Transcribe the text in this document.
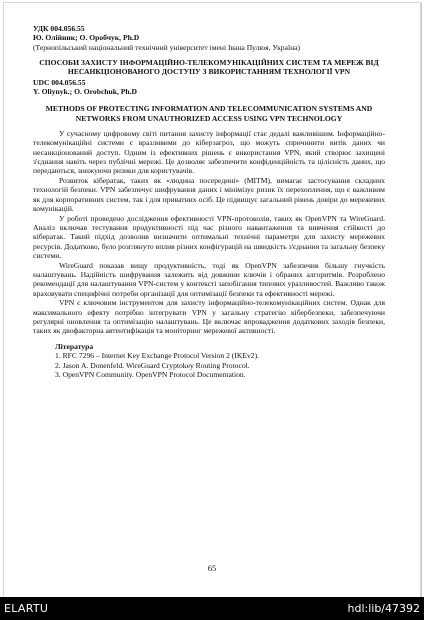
УДК 004.056.55
Ю. Олійник; О. Оробчук, Ph.D
(Тернопільський національний технічний університет імені Івана Пулюя, Україна)
СПОСОБИ ЗАХИСТУ ІНФОРМАЦІЙНО-ТЕЛЕКОМУНІКАЦІЙНИХ СИСТЕМ ТА МЕРЕЖ ВІД НЕСАНКЦІОНОВАНОГО ДОСТУПУ З ВИКОРИСТАННЯМ ТЕХНОЛОГІЇ VPN
UDC 004.056.55
Y. Oliynyk.; O. Orobchuk, Ph.D
METHODS OF PROTECTING INFORMATION AND TELECOMMUNICATION SYSTEMS AND NETWORKS FROM UNAUTHORIZED ACCESS USING VPN TECHNOLOGY

У сучасному цифровому світі питання захисту інформації стає дедалі важливішим. Інформаційно-телекомунікаційні системи є вразливими до кіберзагроз, що можуть спричинити витік даних чи несанкціонований доступ. Одним із ефективних рішень є використання VPN, який створює захищені з'єднання навіть через публічні мережі. Це дозволяє забезпечити конфіденційність та цілісність даних, що передаються, знижуючи ризики для користувачів.

Розвиток кібератак, таких як «людина посередині» (MITM), вимагає застосування складних технологій безпеки. VPN забезпечує шифрування даних і мінімізує ризик їх перехоплення, що є важливим як для корпоративних систем, так і для приватних осіб. Це підвищує загальний рівень довіри до мережевих комунікацій.

У роботі проведено дослідження ефективності VPN-протоколів, таких як OpenVPN та WireGuard. Аналіз включав тестування продуктивності під час різного навантаження та вивчення стійкості до кібератак. Такий підхід дозволив визначити оптимальні технічні параметри для захисту мережевих ресурсів. Додатково, було розглянуто вплив різних конфігурацій на швидкість з'єднання та загальну безпеку системи.

WireGuard показав вищу продуктивність, тоді як OpenVPN забезпечив більшу гнучкість налаштувань. Надійність шифрування залежить від довжини ключів і обраних алгоритмів. Розроблено рекомендації для налаштування VPN-систем у контексті запобігання типових уразливостей. Важливо також враховувати специфічні потреби організації для оптимізації безпеки та ефективності мережі.

VPN є ключовим інструментом для захисту інформаційно-телекомунікаційних систем. Однак для максимального ефекту потрібно інтегрувати VPN у загальну стратегію кібербезпеки, забезпечуючи регулярні оновлення та оптимізацію налаштувань. Це включає впровадження додаткових заходів безпеки, таких як двофакторна автентифікація та моніторинг мережевої активності.

Література
1. RFC 7296 – Internet Key Exchange Protocol Version 2 (IKEv2).
2. Jason A. Donenfeld. WireGuard Cryptokey Routing Protocol.
3. OpenVPN Community. OpenVPN Protocol Documentation.
65
ELARTU	hdl:lib/47392
